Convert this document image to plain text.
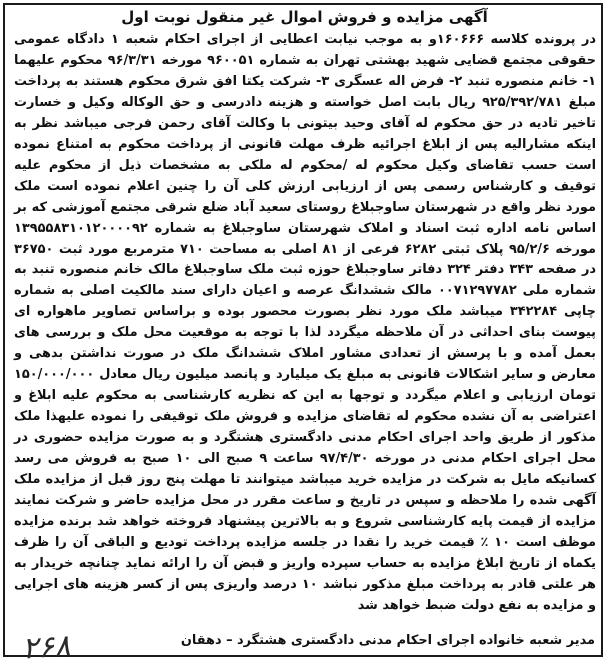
آگهی مزایده و فروش اموال غیر منقول نوبت اول

در پرونده کلاسه ۱۶۰۶۶۶و به موجب نیابت اعطایی از اجرای احکام شعبه ۱ دادگاه عمومی حقوقی مجتمع قضایی شهید بهشتی تهران به شماره ۹۶۰۰۵۱ مورخه ۹۶/۳/۳۱ محکوم علیهما ۱- خانم منصوره تنبد ۲- فرض اله عسگری ۳- شرکت یکتا افق شرق محکوم هستند به پرداخت مبلغ ۹۲۵/۳۹۲/۷۸۱ ریال بابت اصل خواسته و هزینه دادرسی و حق الوکاله وکیل و خسارت تاخیر تادیه در حق محکوم له آقای وحید بیتونی با وکالت آقای رحمن فرجی میباشد نظر به اینکه مشارالیه پس از ابلاغ اجرائیه ظرف مهلت قانونی از پرداخت محکوم به امتناع نموده است حسب تقاضای وکیل محکوم له /محکوم له ملکی به مشخصات ذیل از محکوم علیه توقیف و کارشناس رسمی پس از ارزیابی ارزش کلی آن را چنین اعلام نموده است ملک مورد نظر واقع در شهرستان ساوجبلاغ روستای سعید آباد ضلع شرقی مجتمع آموزشی که بر اساس نامه اداره ثبت اسناد و املاک شهرستان ساوجبلاغ به شماره ۱۳۹۵۵۸۳۱۰۱۲۰۰۰۰۹۲ مورخه ۹۵/۲/۶ پلاک ثبتی ۶۲۸۲ فرعی از ۸۱ اصلی به مساحت ۷۱۰ مترمربع مورد ثبت ۳۶۷۵۰ در صفحه ۳۴۳ دفتر ۳۲۴ دفاتر ساوجبلاغ حوزه ثبت ملک ساوجبلاغ مالک خانم منصوره تنبد به شماره ملی ۰۰۷۱۲۹۷۷۸۲ مالک ششدانگ عرصه و اعیان دارای سند مالکیت اصلی به شماره چاپی ۳۴۲۲۸۴ میباشد ملک مورد نظر بصورت محصور بوده و براساس تصاویر ماهواره ای پیوست بنای احداثی در آن ملاحظه میگردد لذا با توجه به موقعیت محل ملک و بررسی های بعمل آمده و با پرسش از تعدادی مشاور املاک ششدانگ ملک در صورت نداشتن بدهی و معارض و سایر اشکالات قانونی به مبلغ یک میلیارد و پانصد میلیون ریال معادل ۱۵۰/۰۰۰/۰۰۰ تومان ارزیابی و اعلام میگردد و توجها به این که نظریه کارشناسی به محکوم علیه ابلاغ و اعتراضی به آن نشده محکوم له تقاضای مزایده و فروش ملک توقیفی را نموده علیهذا ملک مذکور از طریق واحد اجرای احکام مدنی دادگستری هشتگرد و به صورت مزایده حضوری در محل اجرای احکام مدنی در مورخه ۹۷/۴/۳۰ ساعت ۹ صبح الی ۱۰ صبح به فروش می رسد کسانیکه مایل به شرکت در مزایده خرید میباشد میتوانند تا مهلت پنج روز قبل از مزایده ملک آگهی شده را ملاحظه و سپس در تاریخ و ساعت مقرر در محل مزایده حاضر و شرکت نمایند مزایده از قیمت پایه کارشناسی شروع و به بالاترین پیشنهاد فروخته خواهد شد برنده مزایده موظف است ۱۰ ٪ قیمت خرید را نقدا در جلسه مزایده پرداخت تودیع و الباقی آن را ظرف یکماه از تاریخ ابلاغ مزایده به حساب سپرده واریز و قبض آن را ارائه نماید چنانچه خریدار به هر علتی قادر به پرداخت مبلغ مذکور نباشد ۱۰ درصد واریزی پس از کسر هزینه های اجرایی و مزایده به نفع دولت ضبط خواهد شد

مدیر شعبه خانواده اجرای احکام مدنی دادگستری هشتگرد – دهقان
۲۶۸
